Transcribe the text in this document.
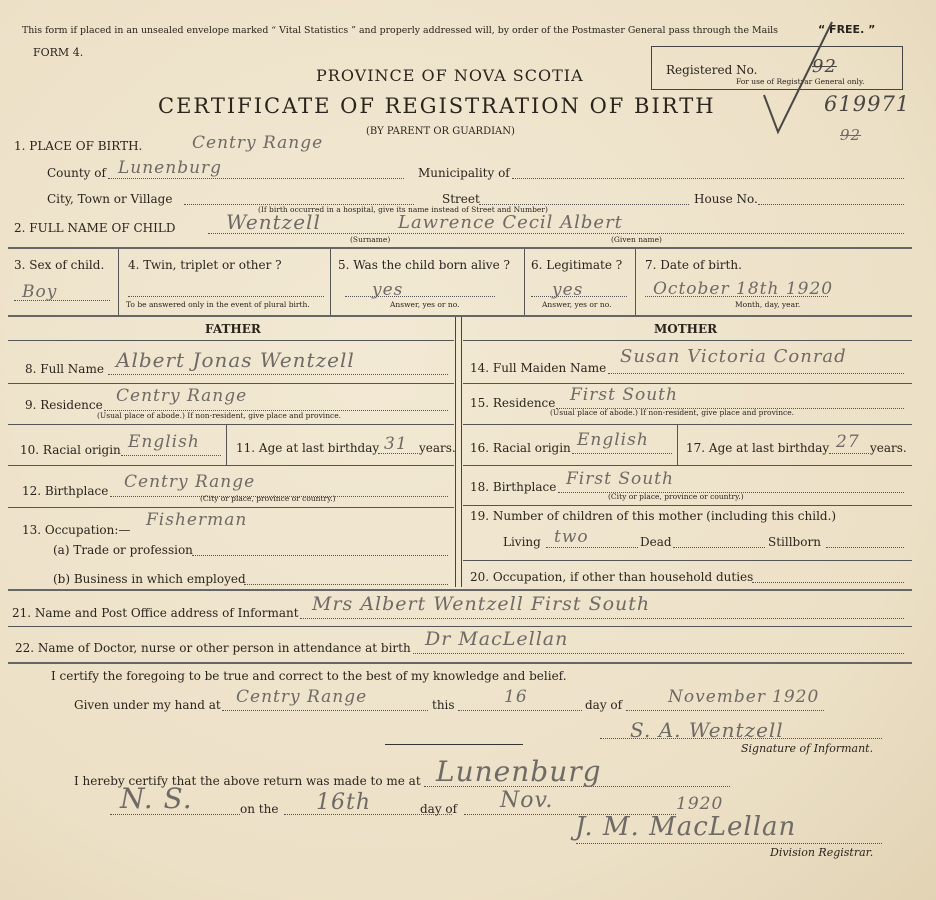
This form if placed in an unsealed envelope marked “ Vital Statistics ” and properly addressed will, by order of the Postmaster General pass through the Mails	“ FREE. ”
FORM 4.
PROVINCE OF NOVA SCOTIA
CERTIFICATE OF REGISTRATION OF BIRTH
(BY PARENT OR GUARDIAN)
Registered No.
For use of Registrar General only.
92
619971
92
1. PLACE OF BIRTH.	Centry Range
County of Lunenburg	Municipality of
City, Town or Village	Street	House No.
(If birth occurred in a hospital, give its name instead of Street and Number)
2. FULL NAME OF CHILD	Wentzell	Lawrence Cecil Albert
(Surname)	(Given name)
3. Sex of child.
Boy
4. Twin, triplet or other ?
To be answered only in the event of plural birth.
5. Was the child born alive ?
yes
Answer, yes or no.
6. Legitimate ?
yes
Answer, yes or no.
7. Date of birth.
October 18th 1920
Month, day, year.
FATHER	MOTHER
8. Full Name Albert Jonas Wentzell
9. Residence Centry Range
(Usual place of abode.) If non-resident, give place and province.
10. Racial origin English	11. Age at last birthday 31 years.
12. Birthplace Centry Range
(City or place, province or country.)
13. Occupation:— Fisherman
(a) Trade or profession
(b) Business in which employed
14. Full Maiden Name
Susan Victoria Conrad
15. Residence First South
(Usual place of abode.) If non-resident, give place and province.
16. Racial origin English	17. Age at last birthday 27 years.
18. Birthplace First South
(City or place, province or country.)
19. Number of children of this mother (including this child.)
Living two	Dead	Stillborn
20. Occupation, if other than household duties
21. Name and Post Office address of Informant Mrs Albert Wentzell First South
22. Name of Doctor, nurse or other person in attendance at birth Dr MacLellan
I certify the foregoing to be true and correct to the best of my knowledge and belief.
Given under my hand at Centry Range	this	16	day of	November 1920
S. A. Wentzell
Signature of Informant.
I hereby certify that the above return was made to me at Lunenburg
N. S.	on the 16th	day of Nov.	1920
J. M. MacLellan
Division Registrar.
